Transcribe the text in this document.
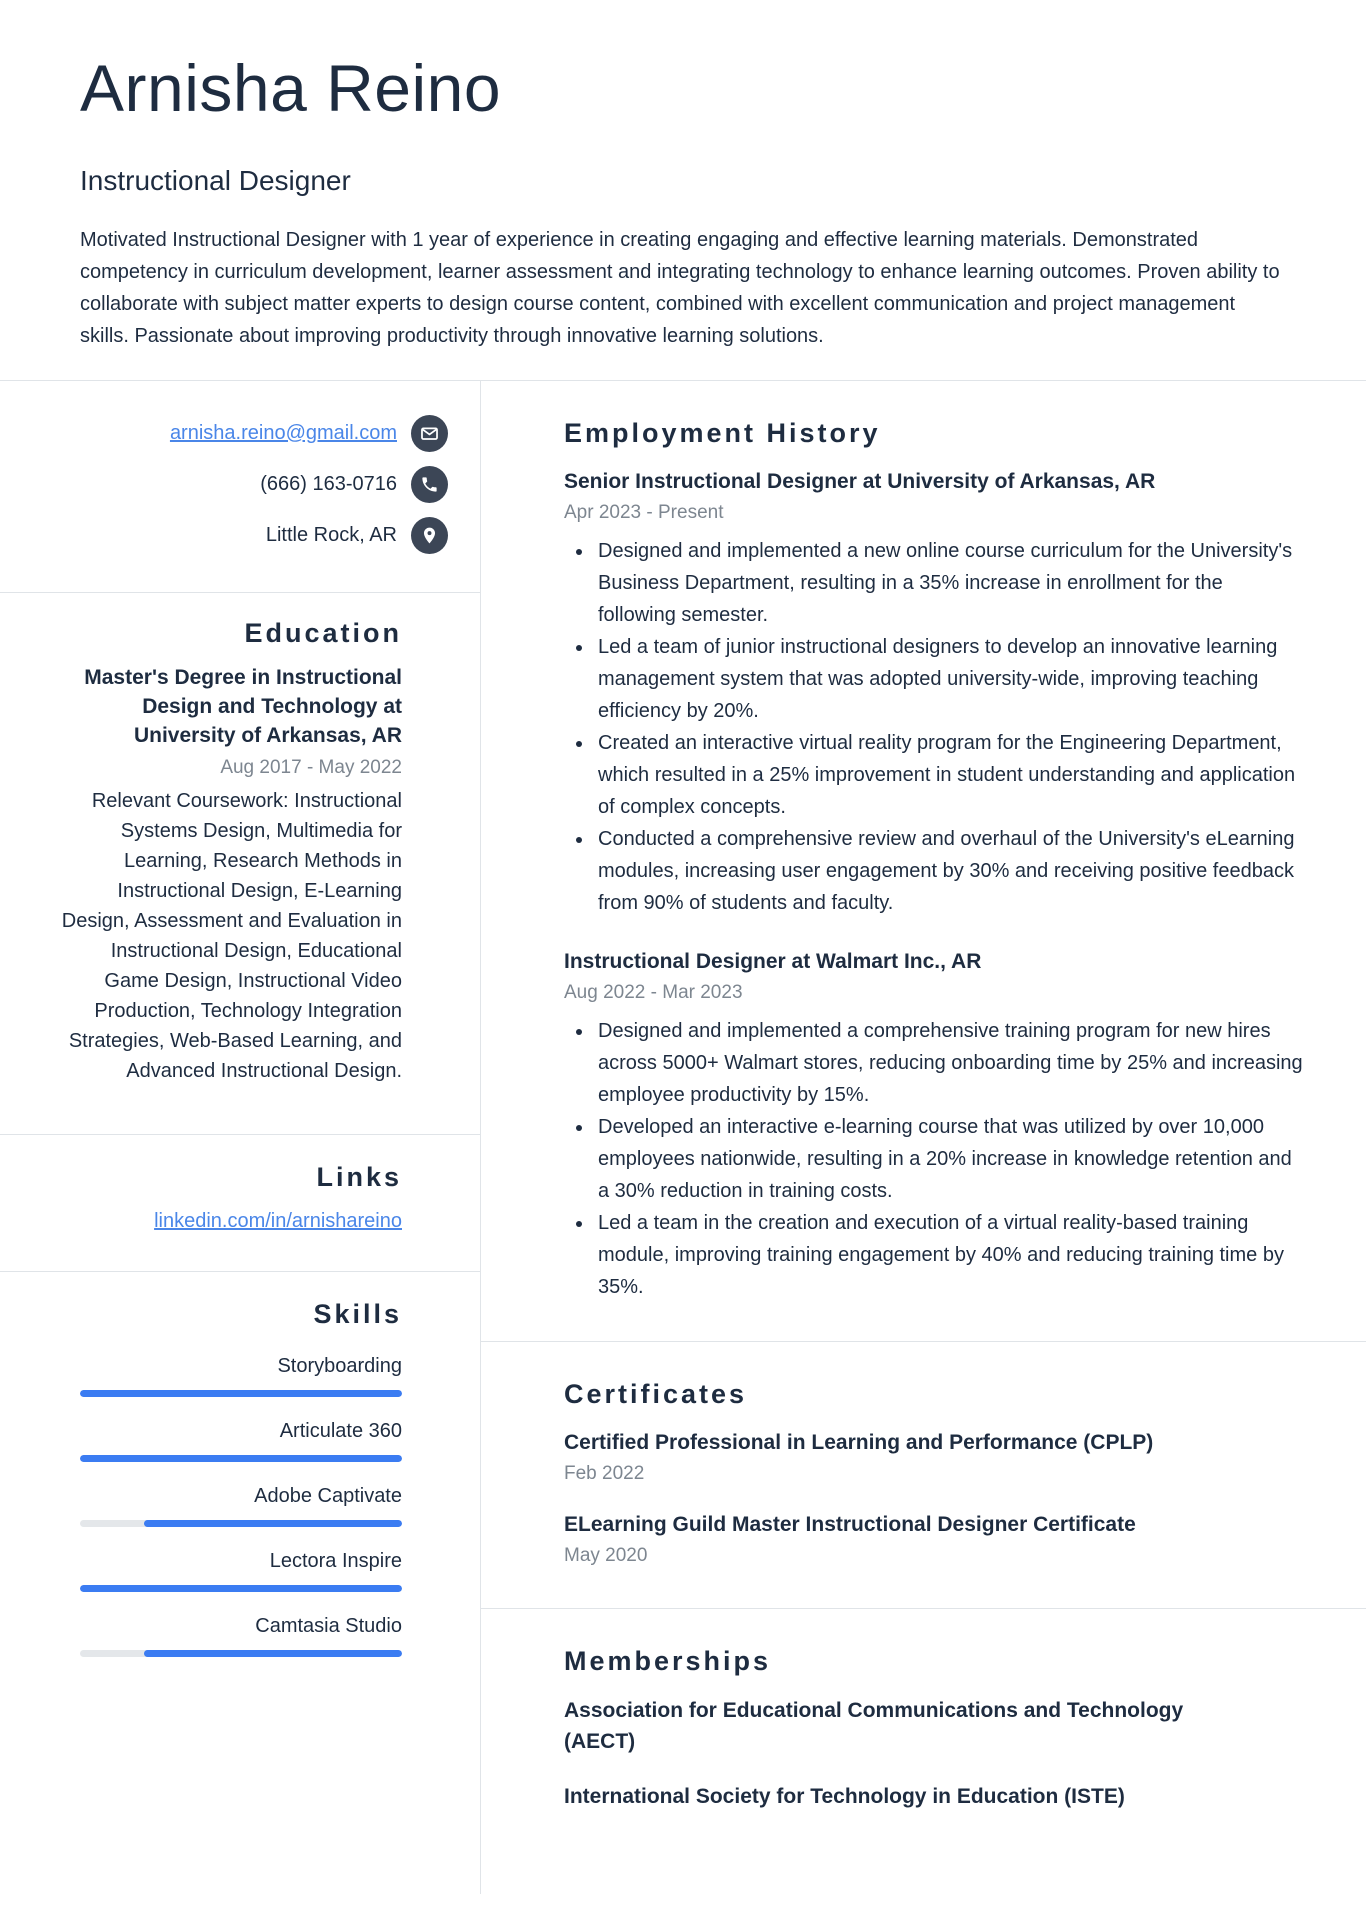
Arnisha Reino
Instructional Designer
Motivated Instructional Designer with 1 year of experience in creating engaging and effective learning materials. Demonstrated competency in curriculum development, learner assessment and integrating technology to enhance learning outcomes. Proven ability to collaborate with subject matter experts to design course content, combined with excellent communication and project management skills. Passionate about improving productivity through innovative learning solutions.
arnisha.reino@gmail.com
(666) 163-0716
Little Rock, AR
Education
Master's Degree in Instructional Design and Technology at University of Arkansas, AR
Aug 2017 - May 2022
Relevant Coursework: Instructional Systems Design, Multimedia for Learning, Research Methods in Instructional Design, E-Learning Design, Assessment and Evaluation in Instructional Design, Educational Game Design, Instructional Video Production, Technology Integration Strategies, Web-Based Learning, and Advanced Instructional Design.
Links
linkedin.com/in/arnishareino
Skills
Storyboarding
Articulate 360
Adobe Captivate
Lectora Inspire
Camtasia Studio
Employment History
Senior Instructional Designer at University of Arkansas, AR
Apr 2023 - Present
• Designed and implemented a new online course curriculum for the University's Business Department, resulting in a 35% increase in enrollment for the following semester.
• Led a team of junior instructional designers to develop an innovative learning management system that was adopted university-wide, improving teaching efficiency by 20%.
• Created an interactive virtual reality program for the Engineering Department, which resulted in a 25% improvement in student understanding and application of complex concepts.
• Conducted a comprehensive review and overhaul of the University's eLearning modules, increasing user engagement by 30% and receiving positive feedback from 90% of students and faculty.
Instructional Designer at Walmart Inc., AR
Aug 2022 - Mar 2023
• Designed and implemented a comprehensive training program for new hires across 5000+ Walmart stores, reducing onboarding time by 25% and increasing employee productivity by 15%.
• Developed an interactive e-learning course that was utilized by over 10,000 employees nationwide, resulting in a 20% increase in knowledge retention and a 30% reduction in training costs.
• Led a team in the creation and execution of a virtual reality-based training module, improving training engagement by 40% and reducing training time by 35%.
Certificates
Certified Professional in Learning and Performance (CPLP)
Feb 2022
ELearning Guild Master Instructional Designer Certificate
May 2020
Memberships
Association for Educational Communications and Technology (AECT)
International Society for Technology in Education (ISTE)
